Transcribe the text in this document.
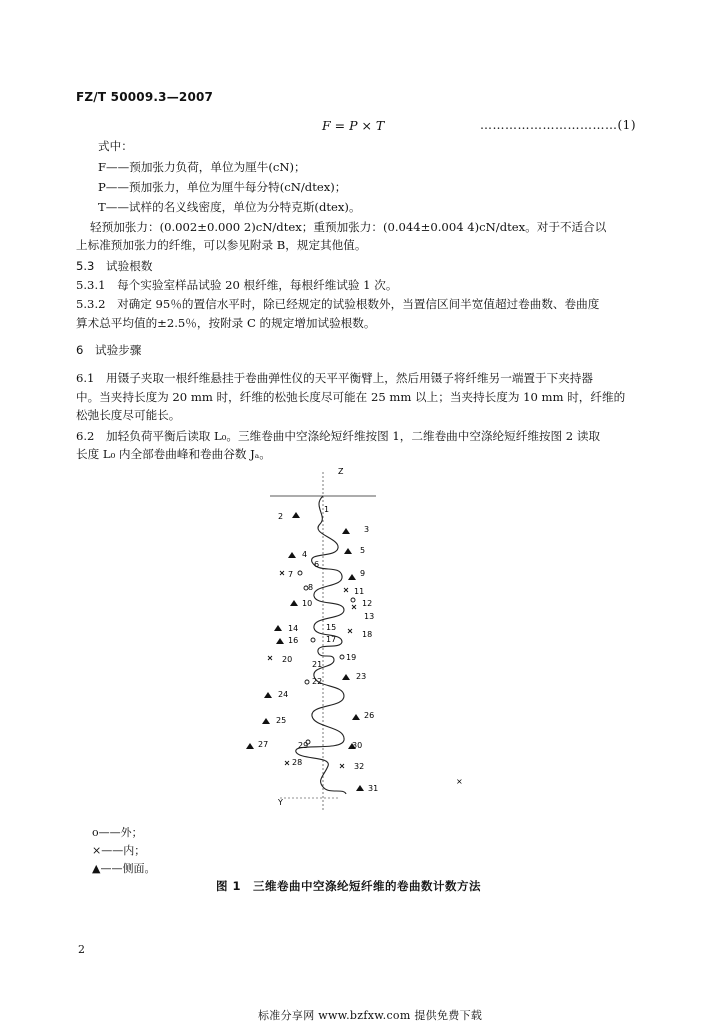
FZ/T 50009.3—2007
F = P × T	……………………………(1)
式中：
F——预加张力负荷，单位为厘牛(cN)；
P——预加张力，单位为厘牛每分特(cN/dtex)；
T——试样的名义线密度，单位为分特克斯(dtex)。
轻预加张力：(0.002±0.000 2)cN/dtex；重预加张力：(0.044±0.004 4)cN/dtex。对于不适合以
上标准预加张力的纤维，可以参见附录 B，规定其他值。
5.3　试验根数
5.3.1　每个实验室样品试验 20 根纤维，每根纤维试验 1 次。
5.3.2　对确定 95％的置信水平时，除已经规定的试验根数外，当置信区间半宽值超过卷曲数、卷曲度
算术总平均值的±2.5％，按附录 C 的规定增加试验根数。
6　试验步骤
6.1　用镊子夹取一根纤维悬挂于卷曲弹性仪的天平平衡臂上，然后用镊子将纤维另一端置于下夹持器
中。当夹持长度为 20 mm 时，纤维的松弛长度尽可能在 25 mm 以上；当夹持长度为 10 mm 时，纤维的
松弛长度尽可能长。
6.2　加轻负荷平衡后读取 L₀。三维卷曲中空涤纶短纤维按图 1，二维卷曲中空涤纶短纤维按图 2 读取
长度 L₀ 内全部卷曲峰和卷曲谷数 Jₐ。
Z
×
Y
1
2
3
4	5
6
7
8
9
10
11
12
13
14	15
16	17
18
19
20
21
22
23
24
25
26
27
28
29	30
31
32
o——外；
×——内；
▲——侧面。
图 1　三维卷曲中空涤纶短纤维的卷曲数计数方法
2
标准分享网 www.bzfxw.com 提供免费下载
